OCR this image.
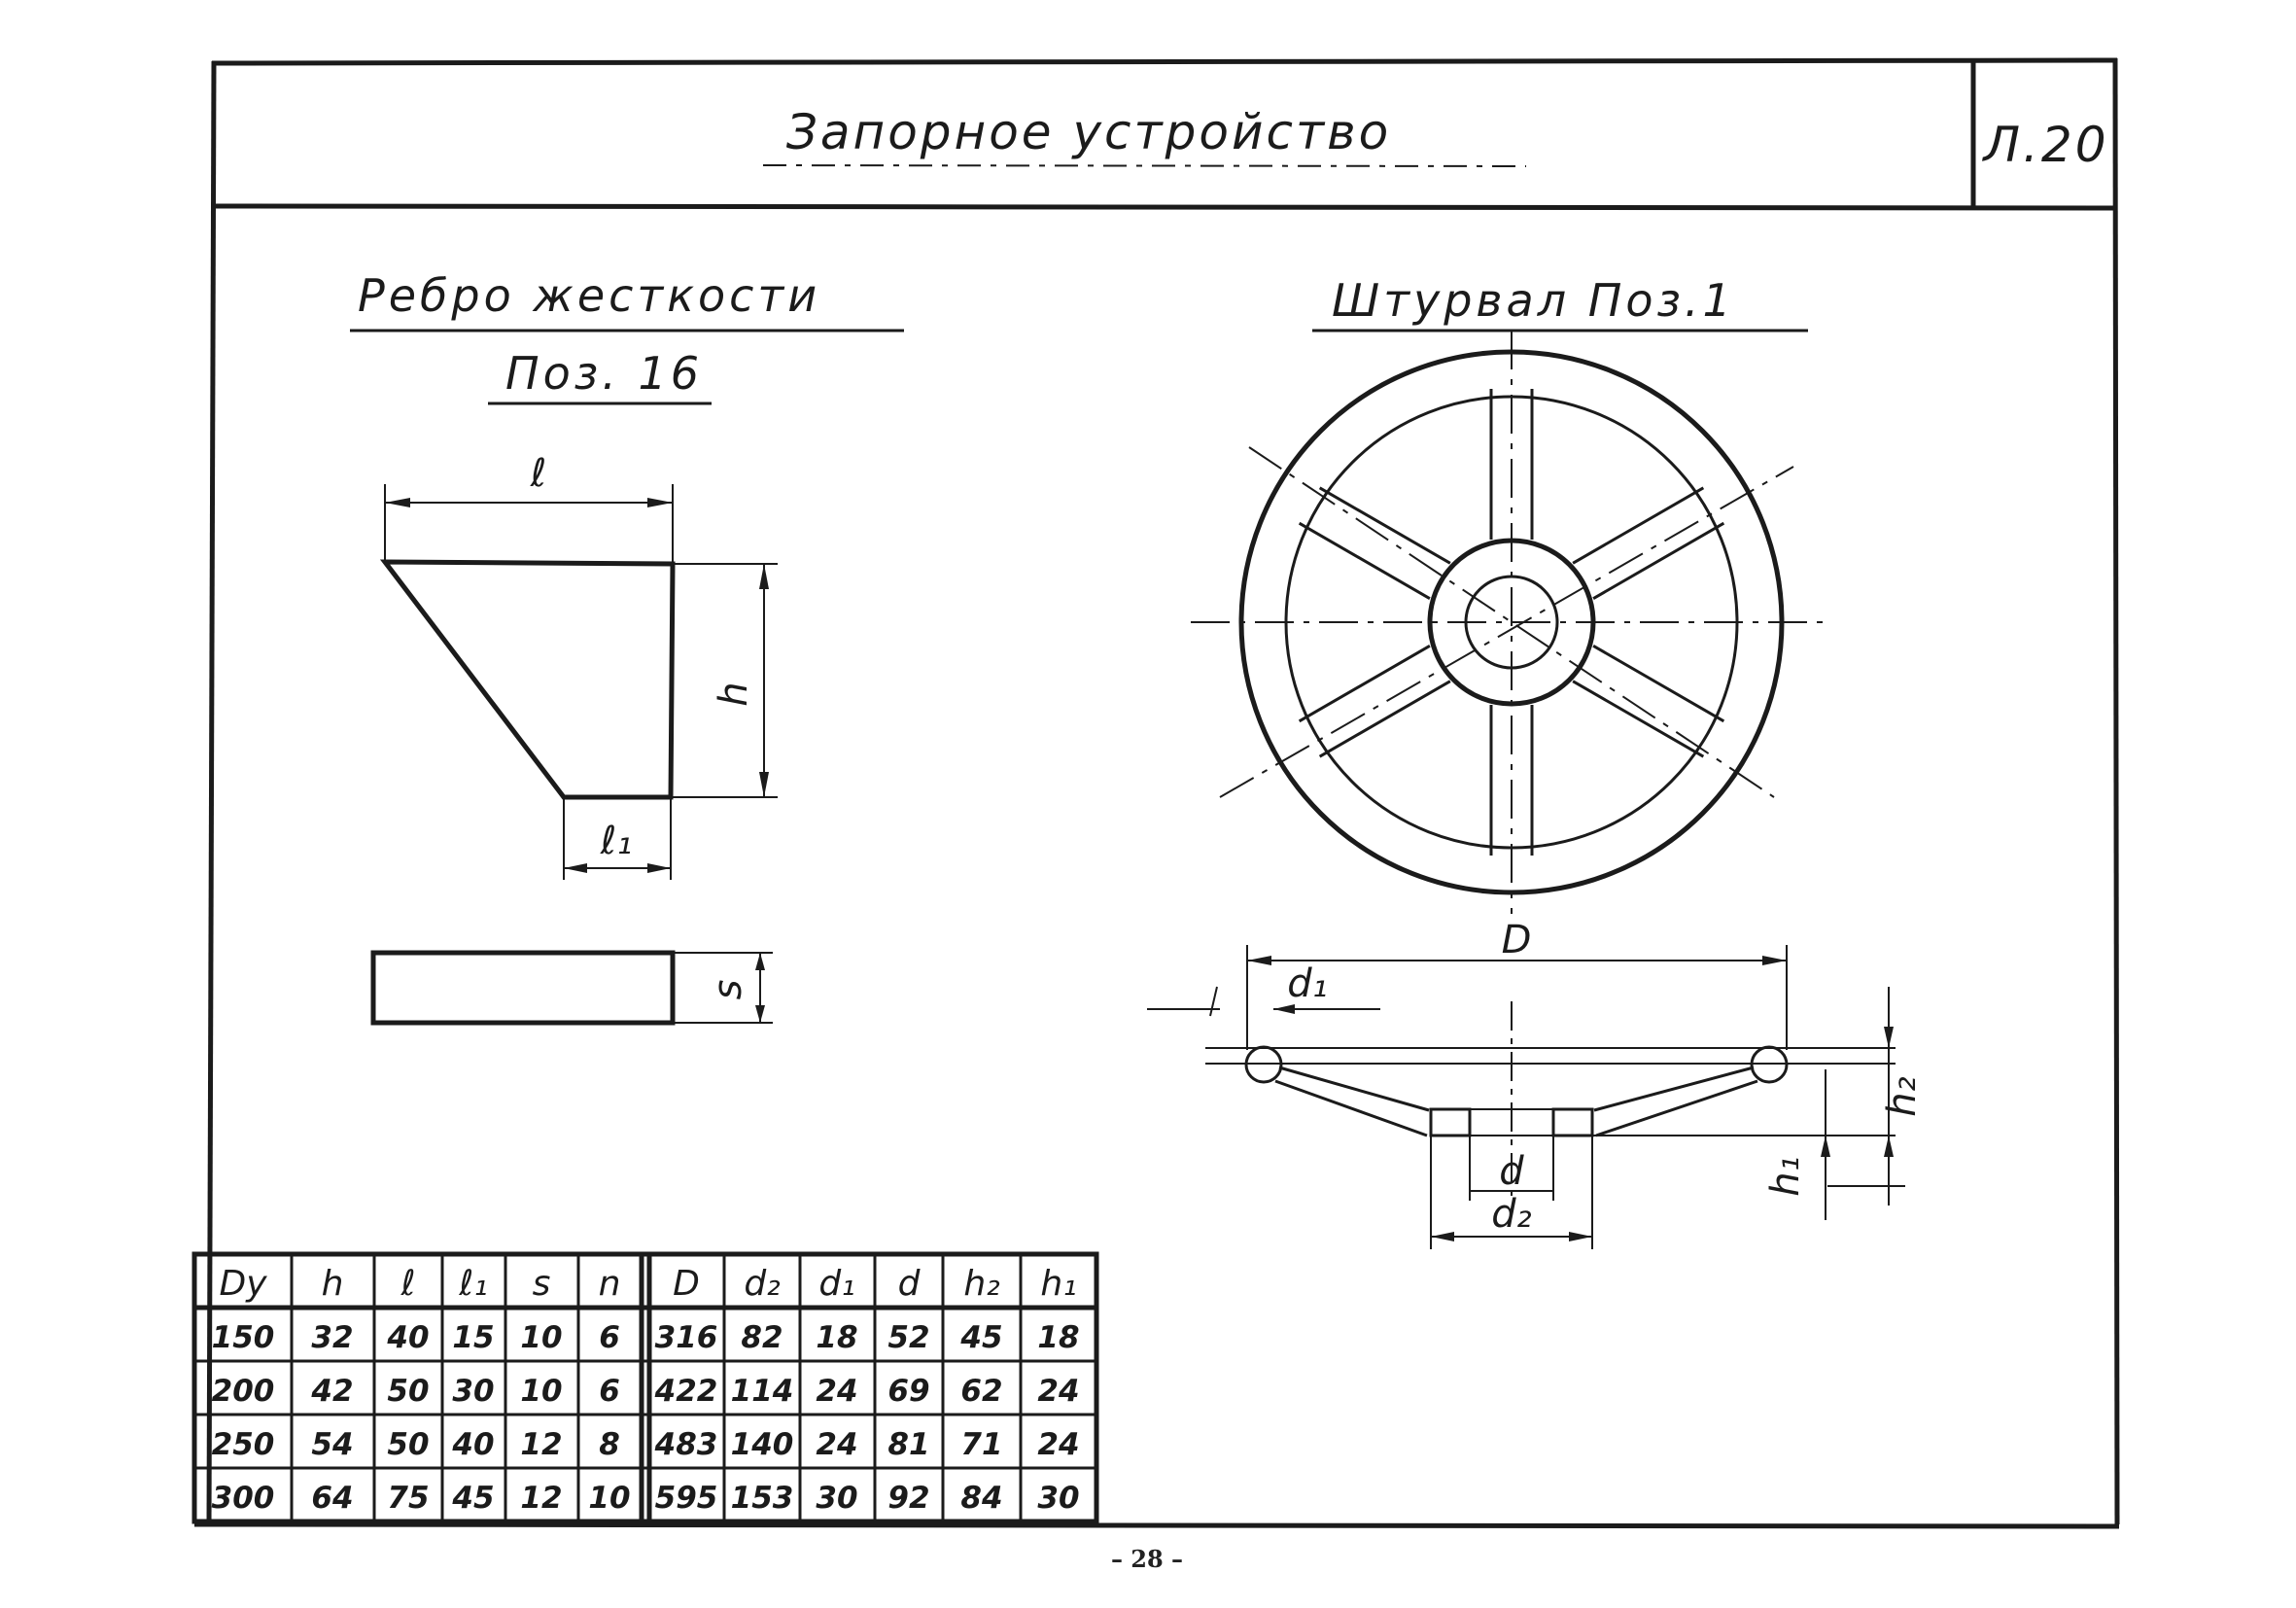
Запорное устройство	Л.20
Ребро жесткости
Поз. 16
ℓ
h
ℓ₁
s
Штурвал Поз.1
D
d₁
d
d₂
h₁
h₂
Dy h ℓ ℓ₁ s n D d₂ d₁ d h₂ h₁
150 32 40 15 10 6 316 82 18 52 45 18
200 42 50 30 10 6 422 114 24 69 62 24
250 54 50 40 12 8 483 140 24 81 71 24
300 64 75 45 12 10 595 153 30 92 84 30
– 28 –
